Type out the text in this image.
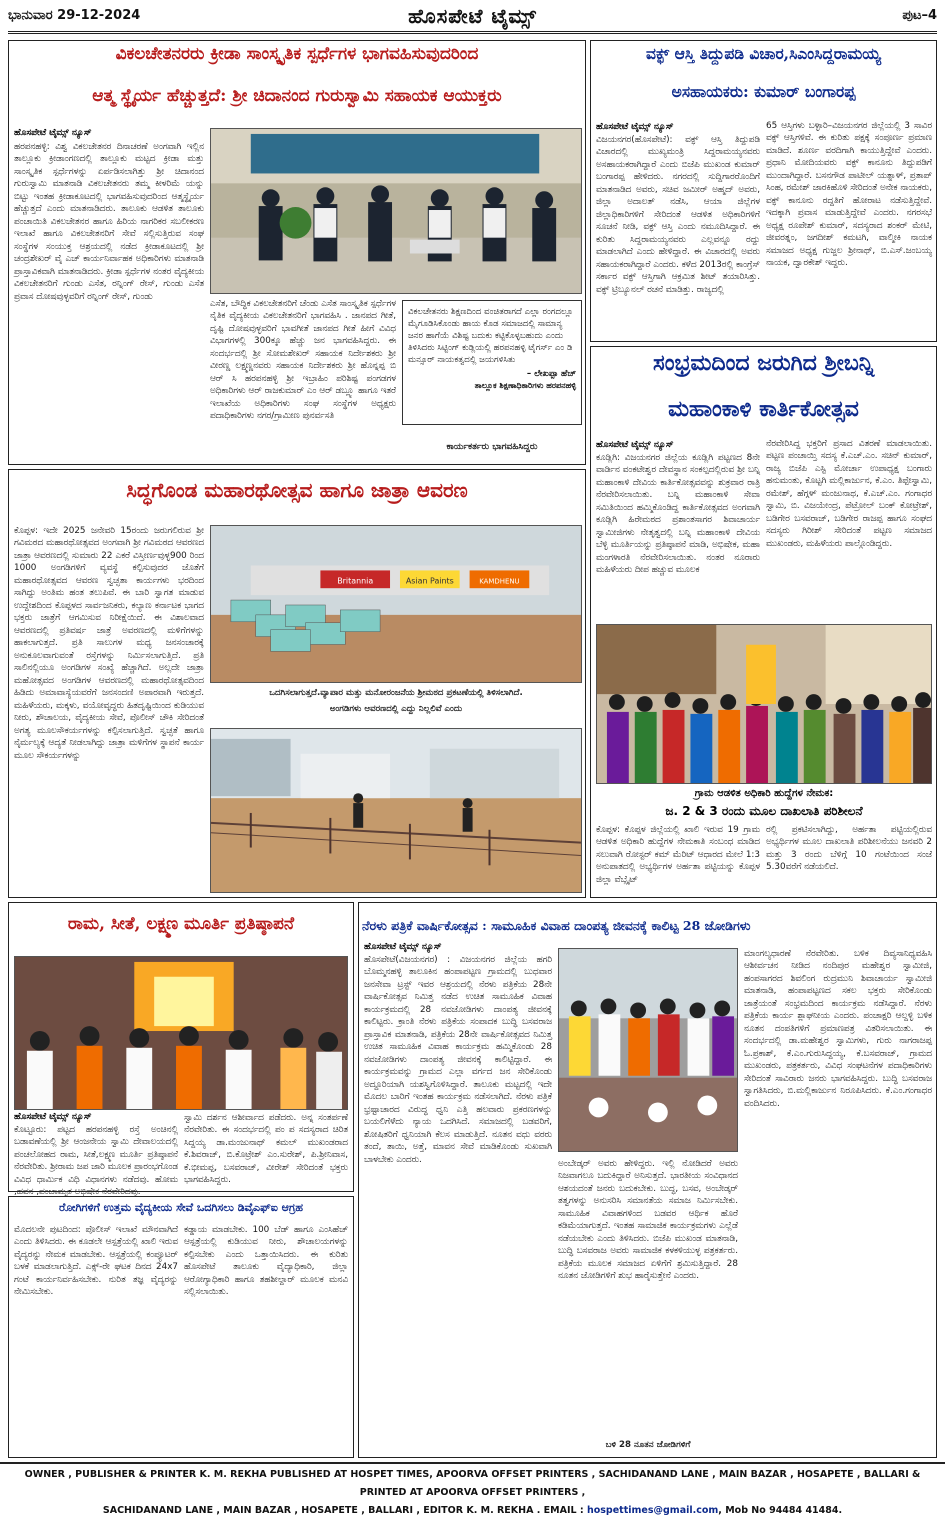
ಭಾನುವಾರ 29-12-2024	ಹೊಸಪೇಟೆ ಟೈಮ್ಸ್	ಪುಟ–4
ವಿಕಲಚೇತನರರು ಕ್ರೀಡಾ ಸಾಂಸ್ಕೃತಿಕ ಸ್ಪರ್ಧೆಗಳ ಭಾಗವಹಿಸುವುದರಿಂದ
ಆತ್ಮ ಸ್ಥೈರ್ಯ ಹೆಚ್ಚುತ್ತದೆ: ಶ್ರೀ ಚಿದಾನಂದ ಗುರುಸ್ವಾಮಿ ಸಹಾಯಕ ಆಯುಕ್ತರು
ಹೊಸಪೇಟೆ ಟೈಮ್ಸ್ ನ್ಯೂಸ್
ಹರಪನಹಳ್ಳಿ: ವಿಶ್ವ ವಿಕಲಚೇತನರ ದಿನಾಚರಣೆ ಅಂಗವಾಗಿ ಇಲ್ಲಿನ ತಾಲ್ಲೂಕು ಕ್ರೀಡಾಂಗಣದಲ್ಲಿ ತಾಲ್ಲೂಕು ಮಟ್ಟದ ಕ್ರೀಡಾ ಮತ್ತು ಸಾಂಸ್ಕೃತಿಕ ಸ್ಪರ್ಧೆಗಳನ್ನು ಏರ್ಪಡಿಸಲಾಗಿತ್ತು ಶ್ರೀ ಚಿದಾನಂದ ಗುರುಸ್ವಾಮಿ ಮಾತನಾಡಿ ವಿಕಲಚೇತನರು ತಮ್ಮ ಕೀಳರಿಮೆ ಯನ್ನು ಬಿಟ್ಟು ಇಂತಹ ಕ್ರೀಡಾಕೂಟದಲ್ಲಿ ಭಾಗವಹಿಸುವುದರಿಂದ ಆತ್ಮಸ್ಥೈರ್ಯ ಹೆಚ್ಚುತ್ತದೆ ಎಂದು ಮಾತನಾಡಿದರು. ತಾಲೂಕು ಆಡಳಿತ ತಾಲೂಕು ಪಂಚಾಯಿತಿ ವಿಕಲಚೇತನರ ಹಾಗೂ ಹಿರಿಯ ನಾಗರಿಕರ ಸಬಲೀಕರಣ ಇಲಾಖೆ ಹಾಗೂ ವಿಕಲಚೇತನರಿಗೆ ಸೇವೆ ಸಲ್ಲಿಸುತ್ತಿರುವ ಸಂಘ ಸಂಸ್ಥೆಗಳ ಸಂಯುಕ್ತ ಆಶ್ರಯದಲ್ಲಿ ನಡೆದ ಕ್ರೀಡಾಕೂಟದಲ್ಲಿ ಶ್ರೀ ಚಂದ್ರಶೇಖರ್ ವೈ ಎಚ್ ಕಾರ್ಯನಿರ್ವಾಹಕ ಅಧಿಕಾರಿಗಳು ಮಾತನಾಡಿ ಪ್ರಾಸ್ತಾವಿಕವಾಗಿ ಮಾತನಾಡಿದರು. ಕ್ರೀಡಾ ಸ್ಪರ್ಧೆಗಳ ನಂತರ ವೈದ್ಯಕೀಯ ವಿಕಲಚೇತನರಿಗೆ ಗುಂಡು ಎಸೆತ, ರನ್ನಿಂಗ್ ರೇಸ್, ಗುಂಡು ಎಸೆತ ಪ್ರವಾಸ ದೋಷವುಳ್ಳವರಿಗೆ ರನ್ನಿಂಗ್ ರೇಸ್, ಗುಂಡು
ಎಸೆತ, ಬೌದ್ಧಿಕ ವಿಕಲಚೇತನರಿಗೆ ಚೆಂಡು ಎಸೆತ ಸಾಂಸ್ಕೃತಿಕ ಸ್ಪರ್ಧೆಗಳ ನೈತಿಕ ವೈದ್ಯಕೀಯ ವಿಕಲಚೇತನರಿಗೆ ಭಾಗವಹಿಸಿ . ಜಾನಪದ ಗೀತೆ, ದೃಷ್ಟಿ ದೋಷವುಳ್ಳವರಿಗೆ ಭಾವಗೀತೆ ಜಾನಪದ ಗೀತೆ ಹೀಗೆ ವಿವಿಧ ವಿಭಾಗಗಳಲ್ಲಿ 300ಕ್ಕೂ ಹೆಚ್ಚು ಜನ ಭಾಗವಹಿಸಿದ್ದರು. ಈ ಸಂದರ್ಭದಲ್ಲಿ ಶ್ರೀ ಸೋಮಶೇಖರ್ ಸಹಾಯಕ ನಿರ್ದೇಶಕರು ಶ್ರೀ ವೀರಣ್ಣ ಲಕ್ಷ್ಮಣ್ಣನವರು ಸಹಾಯಕ ನಿರ್ದೇಶಕರು ಶ್ರೀ ಹೊನ್ನಪ್ಪ ಬಿ ಆರ್ ಸಿ ಹರಪನಹಳ್ಳಿ ಶ್ರೀ ಇಬ್ರಾಹಿಂ ಪರಿಶಿಷ್ಟ ಪಂಗಡಗಳ ಅಧಿಕಾರಿಗಳು ಆರ್ ರಾಜಕುಮಾರ್ ಎಂ ಆರ್ ಡಬ್ಲ್ಯೂ ಹಾಗೂ ಇತರೆ ಇಲಾಖೆಯ ಅಧಿಕಾರಿಗಳು ಸಂಘ ಸಂಸ್ಥೆಗಳ ಅಧ್ಯಕ್ಷರು ಪದಾಧಿಕಾರಿಗಳು ನಗರ/ಗ್ರಾಮೀಣ ಪುನರ್ವಸತಿ
ವಿಕಲಚೇತನರು ಶಿಕ್ಷಣದಿಂದ ವಂಚಿತರಾಗದೆ ಎಲ್ಲಾ ರಂಗದಲ್ಲೂ ಮೈಗೂಡಿಸಿಕೊಂಡು ಹಾಯ ಕೊಡ ಸಮಾಜದಲ್ಲಿ ಸಾಮಾನ್ಯ ಜನರ ಹಾಗೆಯೆ ವಿಶಿಷ್ಟ ಬದುಕು ಕಟ್ಟಿಕೊಳ್ಳಬಹುದು ಎಂದು ತಿಳಿಸಿದರು ಸಿಟ್ಟಿಂಗ್ ಕುಡ್ಲಿಯಲ್ಲಿ ಹರಪನಹಳ್ಳಿ ಟೈಗರ್ಸ್ ಎಂ ಡಿ ಮನ್ಸೂರ್ ನಾಯಕತ್ವದಲ್ಲಿ ಜಯಗಳಿಸಿತು
– ಲೇಖಪ್ಪಾ ಹೆಚ್
ತಾಲ್ಲೂಕ ಶಿಕ್ಷಣಾಧಿಕಾರಿಗಳು ಹರಪನಹಳ್ಳಿ
ಕಾರ್ಯಕರ್ತರು ಭಾಗವಹಿಸಿದ್ದರು
ವಕ್ಫ್ ಆಸ್ತಿ ತಿದ್ದುಪಡಿ ವಿಚಾರ,ಸಿಎಂಸಿದ್ದರಾಮಯ್ಯ
ಅಸಹಾಯಕರು: ಕುಮಾರ್ ಬಂಗಾರಪ್ಪ
ಹೊಸಪೇಟೆ ಟೈಮ್ಸ್ ನ್ಯೂಸ್
ವಿಜಯನಗರ(ಹೊಸಪೇಟೆ): ವಕ್ಫ್ ಆಸ್ತಿ ತಿದ್ದುಪಡಿ ವಿಚಾರದಲ್ಲಿ ಮುಖ್ಯಮಂತ್ರಿ ಸಿದ್ದರಾಮಯ್ಯನವರು ಅಸಹಾಯಕರಾಗಿದ್ದಾರೆ ಎಂದು ಬಿಜೆಪಿ ಮುಖಂಡ ಕುಮಾರ್ ಬಂಗಾರಪ್ಪ ಹೇಳಿದರು. ನಗರದಲ್ಲಿ ಸುದ್ದಿಗಾರರೊಂದಿಗೆ ಮಾತನಾಡಿದ ಅವರು, ಸಚಿವ ಜಮೀರ್ ಅಹ್ಮದ್ ಅವರು, ಜಿಲ್ಲಾ ಅದಾಲತ್ ನಡೆಸಿ, ಆಯಾ ಜಿಲ್ಲೆಗಳ ಜಿಲ್ಲಾಧಿಕಾರಿಗಳಿಗೆ ಸೇರಿದಂತೆ ಆಡಳಿತ ಅಧಿಕಾರಿಗಳಿಗೆ ಸೂಚನೆ ನೀಡಿ, ವಕ್ಫ್ ಆಸ್ತಿ ಎಂದು ನಮೂದಿಸಿದ್ದಾರೆ. ಈ ಕುರಿತು ಸಿದ್ದರಾಮಯ್ಯನವರು ಎಲ್ಲವನ್ನೂ ರದ್ದು ಮಾಡಲಾಗಿದೆ ಎಂದು ಹೇಳಿದ್ದಾರೆ. ಈ ವಿಚಾರದಲ್ಲಿ ಅವರು ಸಹಾಯಕರಾಗಿದ್ದಾರೆ ಎಂದರು. ಕಳೆದ 2013ರಲ್ಲಿ ಕಾಂಗ್ರೆಸ್ ಸರ್ಕಾರ ವಕ್ಫ್ ಆಸ್ತಿಗಾಗಿ ಆಕ್ರಮಿತ ಶೀಟ್ ತಯಾರಿಸಿತ್ತು. ವಕ್ಫ್ ಟ್ರಿಬ್ಯೂನಲ್ ರಚನೆ ಮಾಡಿತ್ತು. ರಾಜ್ಯದಲ್ಲಿ
65 ಆಸ್ತಿಗಳು ಬಳ್ಳಾರಿ–ವಿಜಯನಗರ ಜಿಲ್ಲೆಯಲ್ಲಿ 3 ಸಾವಿರ ವಕ್ಫ್ ಆಸ್ತಿಗಳಿವೆ. ಈ ಕುರಿತು ಪಕ್ಷಕ್ಕೆ ಸಂಪೂರ್ಣ ಪ್ರಮಾಣ ಮಾಡಿದೆ. ಶೂರ್ಣ ವರದಿಗಾಗಿ ಕಾಯುತ್ತಿದ್ದೇವೆ ಎಂದರು. ಪ್ರಧಾನಿ ಮೋದಿಯವರು ವಕ್ಫ್ ಕಾನೂನು ತಿದ್ದುಪಡಿಗೆ ಮುಂದಾಗಿದ್ದಾರೆ. ಬಸನಗೌಡ ಪಾಟೀಲ್ ಯತ್ನಾಳ್, ಪ್ರತಾಪ್ ಸಿಂಹ, ರಮೇಶ್ ಜಾರಕಿಹೊಳಿ ಸೇರಿದಂತೆ ಅನೇಕ ನಾಯಕರು, ವಕ್ಫ್ ಕಾನೂನು ರದ್ದತಿಗೆ ಹೋರಾಟ ನಡೆಸುತ್ತಿದ್ದೇವೆ. ಇದಕ್ಕಾಗಿ ಪ್ರವಾಸ ಮಾಡುತ್ತಿದ್ದೇವೆ ಎಂದರು. ನಗರಸಭೆ ಅಧ್ಯಕ್ಷ ರೂಪೇಶ್ ಕುಮಾರ್, ಸದಸ್ಯರಾದ ಶಂಕರ್ ಮೇಟಿ, ಜೀವರತ್ನಂ, ಜಗದೀಶ್ ಕಮಟಗಿ, ವಾಲ್ಮೀಕಿ ನಾಯಕ ಸಮಾಜದ ಅಧ್ಯಕ್ಷ ಗುಜ್ಜಲ ಶ್ರೀನಾಥ್, ಬಿ.ಎಸ್.ಜಂಬಯ್ಯ ನಾಯಕ, ದ್ವಾರಕೇಶ್ ಇದ್ದರು.
ಸಂಭ್ರಮದಿಂದ ಜರುಗಿದ ಶ್ರೀಬನ್ನಿ
ಮಹಾಂಕಾಳಿ ಕಾರ್ತಿಕೋತ್ಸವ
ಹೊಸಪೇಟೆ ಟೈಮ್ಸ್ ನ್ಯೂಸ್
ಕೂಡ್ಲಿಗಿ: ವಿಜಯನಗರ ಜಿಲ್ಲೆಯ ಕೂಡ್ಲಿಗಿ ಪಟ್ಟಣದ 8ನೇ ವಾರ್ಡಿನ ವಂಕಟೇಶ್ವರ ದೇವಸ್ಥಾನ ಸಂಕಲ್ಪದಲ್ಲಿರುವ ಶ್ರೀ ಬನ್ನಿ ಮಹಾಂಕಾಳಿ ದೇವಿಯ ಕಾರ್ತಿಕೋತ್ಸವವನ್ನು ಶುಕ್ರವಾರ ರಾತ್ರಿ ನೆರವೇರಿಸಲಾಯಿತು. ಬನ್ನಿ ಮಹಾಂಕಾಳಿ ಸೇವಾ ಸಮಿತಿಯಿಂದ ಹಮ್ಮಿಕೊಂಡಿದ್ದ ಕಾರ್ತಿಕೋತ್ಸವದ ಅಂಗವಾಗಿ ಕೂಡ್ಲಿಗಿ ಹಿರೇಮಠದ ಪ್ರಶಾಂತಸಾಗರ ಶಿವಾಚಾರ್ಯ ಸ್ವಾಮೀಜಿಗಳು ನೇತೃತ್ವದಲ್ಲಿ ಬನ್ನಿ ಮಹಾಂಕಾಳಿ ದೇವಿಯ ಬೆಳ್ಳಿ ಮೂರ್ತಿಯನ್ನು ಪ್ರತಿಷ್ಠಾಪನೆ ಮಾಡಿ, ಅಭಿಷೇಕ, ಮಹಾ ಮಂಗಳಾರತಿ ನೆರವೇರಿಸಲಾಯಿತು. ನಂತರ ನೂರಾರು ಮಹಿಳೆಯರು ದೀಪ ಹಚ್ಚುವ ಮೂಲಕ
ನೆರವೇರಿಸಿದ್ದ ಭಕ್ತರಿಗೆ ಪ್ರಸಾದ ವಿತರಣೆ ಮಾಡಲಾಯಿತು. ಪಟ್ಟಣ ಪಂಚಾಯ್ತಿ ಸದಸ್ಯ ಕೆ.ಎಚ್.ಎಂ. ಸಚಿನ್ ಕುಮಾರ್, ರಾಜ್ಯ ಬಿಜೆಪಿ ಎಸ್ಟಿ ಮೋರ್ಚಾ ಉಪಾಧ್ಯಕ್ಷ ಬಂಗಾರು ಹನುಮಂತು, ಕೊಟ್ಟಗಿ ಮಲ್ಲಿಕಾರ್ಜುನ, ಕೆ.ಎಂ. ತಿಪ್ಪೇಸ್ವಾಮಿ, ರಮೇಶ್, ಹೆಗ್ಗಳ್ ಮಂಜುನಾಥ, ಕೆ.ಎಚ್.ಎಂ. ಗಂಗಾಧರ ಸ್ವಾಮಿ, ಬಿ. ವಿಜಯೇಂದ್ರ, ಪೆಟ್ರೋಲ್ ಬಂಕ್ ಕೋಟ್ರೇಶ್, ಬಡಿಗೇರ ಬಸವರಾಜ್, ಬಡಿಗೇರ ರಾಜಪ್ಪ ಹಾಗೂ ಸಂಘದ ಸದಸ್ಯರು ಗಿರೀಶ್ ಸೇರಿದಂತೆ ಪಟ್ಟಣ ಸಮಾಜದ ಮುಖಂಡರು, ಮಹಿಳೆಯರು ಪಾಲ್ಗೊಂಡಿದ್ದರು.
ಗ್ರಾಮ ಆಡಳಿತ ಅಧಿಕಾರಿ ಹುದ್ದೆಗಳ ನೇಮಕ:
ಜ. 2 & 3 ರಂದು ಮೂಲ ದಾಖಲಾತಿ ಪರಿಶೀಲನೆ
ಕೊಪ್ಪಳ: ಕೊಪ್ಪಳ ಜಿಲ್ಲೆಯಲ್ಲಿ ಖಾಲಿ ಇರುವ 19 ಗ್ರಾಮ ಆಡಳಿತ ಅಧಿಕಾರಿ ಹುದ್ದೆಗಳ ನೇಮಕಾತಿ ಸಂಬಂಧ ಮಾಡಿದ ಸಲುವಾಗಿ ರೋಸ್ಟರ್ ಕಮ್ ಮೆರಿಟ್ ಆಧಾರದ ಮೇಲೆ 1:3 ಅನುಪಾತದಲ್ಲಿ ಅಭ್ಯರ್ಥಿಗಳ ಅರ್ಹತಾ ಪಟ್ಟಿಯನ್ನು ಕೊಪ್ಪಳ ಜಿಲ್ಲಾ ವೆಬ್ಸೈಟ್
ರಲ್ಲಿ ಪ್ರಕಟಿಸಲಾಗಿದ್ದು, ಅರ್ಹತಾ ಪಟ್ಟಿಯಲ್ಲಿರುವ ಅಭ್ಯರ್ಥಿಗಳ ಮೂಲ ದಾಖಲಾತಿ ಪರಿಶೀಲನೆಯು ಜನವರಿ 2 ಮತ್ತು 3 ರಂದು ಬೆಳಿಗ್ಗೆ 10 ಗಂಟೆಯಿಂದ ಸಂಜೆ 5.30ವರೆಗೆ ನಡೆಯಲಿದೆ.
ಸಿದ್ಧಗೊಂಡ ಮಹಾರಥೋತ್ಸವ ಹಾಗೂ ಜಾತ್ರಾ ಆವರಣ
ಕೊಪ್ಪಳ: ಇದೇ 2025 ಜನೇವರಿ 15ರಂದು ಜರುಗಲಿರುವ ಶ್ರೀ ಗವಿಮಠದ ಮಹಾರಥೋತ್ಸವದ ಅಂಗವಾಗಿ ಶ್ರೀ ಗವಿಮಠದ ಆವರಣದ ಜಾತ್ರಾ ಆವರಣದಲ್ಲಿ ಸುಮಾರು 22 ಎಕರೆ ವಿಸ್ತೀರ್ಣವುಳ್ಳ900 ರಿಂದ 1000 ಅಂಗಡಿಗಳಿಗೆ ವ್ಯವಸ್ಥೆ ಕಲ್ಪಿಸುವುದರ ಜೊತೆಗೆ ಮಹಾರಥೋತ್ಸವದ ಆವರಣ ಸ್ವಚ್ಛತಾ ಕಾರ್ಯಗಳು ಭರದಿಂದ ಸಾಗಿದ್ದು ಅಂತಿಮ ಹಂತ ತಲುಪಿವೆ. ಈ ಬಾರಿ ಸ್ವಾಗತ ಮಾಡುವ ಉದ್ದೇಶದಿಂದ ಕೊಪ್ಪಳದ ಸಾರ್ವಜನಿಕರು, ಕಲ್ಯಾಣ ಕರ್ನಾಟಕ ಭಾಗದ ಭಕ್ತರು ಜಾತ್ರೆಗೆ ಆಗಮಿಸುವ ನಿರೀಕ್ಷೆಯಿದೆ. ಈ ವಿಶಾಲವಾದ ಆವರಣದಲ್ಲಿ ಪ್ರತಿವರ್ಷ ಜಾತ್ರೆ ಅವರಣದಲ್ಲಿ ಮಳಿಗೆಗಳನ್ನು ಹಾಕಲಾಗುತ್ತದೆ. ಪ್ರತಿ ಸಾಲುಗಳ ಮಧ್ಯ ಜನಸಂಚಾರಕ್ಕೆ ಅನುಕೂಲವಾಗುವಂತೆ ರಸ್ತೆಗಳನ್ನು ನಿರ್ಮಿಸಲಾಗುತ್ತಿದೆ. ಪ್ರತಿ ಸಾಲಿನಲ್ಲಿಯೂ ಅಂಗಡಿಗಳ ಸಂಖ್ಯೆ ಹೆಚ್ಚಾಗಿದೆ. ಅಲ್ಲದೇ ಜಾತ್ರಾ ಮಹೋತ್ಸವದ ಅಂಗಡಿಗಳ ಆವರಣದಲ್ಲಿ ಮಹಾರಥೋತ್ಸವದಿಂದ ಹಿಡಿದು ಅಮಾವಾಸ್ಯೆಯವರೆಗೆ ಜನಸಂದಣಿ ಅಪಾರವಾಗಿ ಇರುತ್ತದೆ. ಮಹಿಳೆಯರು, ಮಕ್ಕಳು, ವಯೋವೃದ್ಧರು ಹಿತದೃಷ್ಟಿಯಿಂದ ಕುಡಿಯುವ ನೀರು, ಶೌಚಾಲಯ, ವೈದ್ಯಕೀಯ ಸೇವೆ, ಪೊಲೀಸ್ ಚೌಕಿ ಸೇರಿದಂತೆ ಅಗತ್ಯ ಮೂಲಸೌಕರ್ಯಗಳನ್ನು ಕಲ್ಪಿಸಲಾಗುತ್ತಿದೆ. ಸ್ವಚ್ಛತೆ ಹಾಗೂ ನೈರ್ಮಲ್ಯಕ್ಕೆ ಆದ್ಯತೆ ನೀಡಲಾಗಿದ್ದು ಜಾತ್ರಾ ಮಳಿಗೆಗಳ ಸ್ಥಾಪನೆ ಕಾರ್ಯ ಮೂಲ ಸೌಕರ್ಯಗಳನ್ನು
Britannia	Asian Paints	KAMDHENU
ಒದಗಿಸಲಾಗುತ್ತದೆ.ವ್ಯಾಪಾರ ಮತ್ತು ಮನೋರಂಜನೆಯ ಶ್ರೀಮಠದ ಪ್ರಕಟಣೆಯಲ್ಲಿ ತಿಳಿಸಲಾಗಿದೆ.
ಅಂಗಡಿಗಳು ಆವರಣದಲ್ಲಿ ಎದ್ದು ನಿಲ್ಲಲಿವೆ ಎಂದು
ರಾಮ, ಸೀತೆ, ಲಕ್ಷ್ಮಣ ಮೂರ್ತಿ ಪ್ರತಿಷ್ಠಾಪನೆ
ಹೊಸಪೇಟೆ ಟೈಮ್ಸ್ ನ್ಯೂಸ್
ಕೊಟ್ಟೂರು: ಪಟ್ಟದ ಹರಪನಹಳ್ಳಿ ರಸ್ತೆ ಅಂಚಿನಲ್ಲಿ ಬಡಾವಣೆಯಲ್ಲಿ ಶ್ರೀ ಆಂಜನೇಯ ಸ್ವಾಮಿ ದೇವಾಲಯದಲ್ಲಿ ಪಂಚಲೋಹದ ರಾಮ, ಸೀತೆ,ಲಕ್ಷ್ಮಣ ಮೂರ್ತಿ ಪ್ರತಿಷ್ಠಾಪನೆ ನೆರವೇರಿತು. ಶ್ರೀರಾಮ ಜಪ ಜಾರಿ ಮೂಲಕ ಪ್ರಾರಂಭಗೊಂಡ ವಿವಿಧ ಧಾರ್ಮಿಕ ವಿಧಿ ವಿಧಾನಗಳು ನಡೆದವು. ಹೋಮ ,ಹವನ ,ಪಂಚಾಮೃತ ಅಭಿಷೇಕ ನೆರವೇರಿದವು.
ಸ್ವಾಮಿ ದರ್ಶನ ಆಶೀರ್ವಾದ ಪಡೆದರು. ಅನ್ನ ಸಂತರ್ಪಣೆ ನೆರವೇರಿತು. ಈ ಸಂದರ್ಭದಲ್ಲಿ ಪಂ ಪ ಸದಸ್ಯರಾದ ಚಿರಿತ ಸಿದ್ದಯ್ಯ ಡಾ.ಮಂಜುನಾಥ್ ಕಮಲ್ ಮುಖಂಡರಾದ ಕೆ.ಶಿವರಾಜ್, ಬಿ.ಕೊಟ್ರೇಶ್ ಎಂ.ಸುರೇಶ್, ಪಿ.ಶ್ರೀನಿವಾಸ, ಕೆ.ಭೀಮಪ್ಪ, ಬಸವರಾಜ್, ವೀರೇಶ್ ಸೇರಿದಂತೆ ಭಕ್ತರು ಭಾಗವಹಿಸಿದ್ದರು.
ರೋಗಿಗಳಿಗೆ ಉತ್ತಮ ವೈದ್ಯಕೀಯ ಸೇವೆ ಒದಗಿಸಲು ಡಿವೈಎಫ್ಐ ಆಗ್ರಹ
ಮೊದಲನೇ ಪುಟದಿಂದ: ಪೊಲೀಸ್ ಇಲಾಖೆ ಮೌನವಾಗಿದೆ ಎಂದು ತಿಳಿಸಿದರು. ಈ ಕೂಡಲೇ ಆಸ್ಪತ್ರೆಯಲ್ಲಿ ಖಾಲಿ ಇರುವ ವೈದ್ಯರನ್ನು ನೇಮಕ ಮಾಡಬೇಕು. ಆಸ್ಪತ್ರೆಯಲ್ಲಿ ಕಂಪ್ಯೂಟರ್ ಬಳಕೆ ಮಾಡಲಾಗುತ್ತಿದೆ. ಎಕ್ಸ್-ರೇ ಘಟಕ ದಿನದ 24x7 ಗಂಟೆ ಕಾರ್ಯನಿರ್ವಹಿಸಬೇಕು. ನುರಿತ ತಜ್ಞ ವೈದ್ಯರನ್ನು ನೇಮಿಸಬೇಕು.
ಕಡ್ಡಾಯ ಮಾಡಬೇಕು. 100 ಬೆಡ್ ಹಾಗೂ ಎಂಸಿಹೆಚ್ ಆಸ್ಪತ್ರೆಯಲ್ಲಿ ಕುಡಿಯುವ ನೀರು, ಶೌಚಾಲಯಗಳನ್ನು ಕಲ್ಪಿಸಬೇಕು ಎಂದು ಒತ್ತಾಯಿಸಿದರು. ಈ ಕುರಿತು ಹೊಸಪೇಟೆ ತಾಲೂಕು ವೈದ್ಯಾಧಿಕಾರಿ, ಜಿಲ್ಲಾ ಆರೋಗ್ಯಾಧಿಕಾರಿ ಹಾಗೂ ತಹಶೀಲ್ದಾರ್ ಮೂಲಕ ಮನವಿ ಸಲ್ಲಿಸಲಾಯಿತು.
ನೆರಳು ಪತ್ರಿಕೆ ವಾರ್ಷಿಕೋತ್ಸವ : ಸಾಮೂಹಿಕ ವಿವಾಹ ದಾಂಪತ್ಯ ಜೀವನಕ್ಕೆ ಕಾಲಿಟ್ಟ 28 ಜೋಡಿಗಳು
ಹೊಸಪೇಟೆ ಟೈಮ್ಸ್ ನ್ಯೂಸ್
ಹೊಸಪೇಟೆ(ವಿಜಯನಗರ) : ವಿಜಯನಗರ ಜಿಲ್ಲೆಯ ಹಗರಿ ಬೊಮ್ಮನಹಳ್ಳಿ ತಾಲೂಕಿನ ಹಂಪಾಪಟ್ಟಣ ಗ್ರಾಮದಲ್ಲಿ ಬುಧವಾರ ಜನಸೇವಾ ಟ್ರಸ್ಟ್ ಇವರ ಆಶ್ರಯದಲ್ಲಿ ನೆರಳು ಪತ್ರಿಕೆಯ 28ನೇ ವಾರ್ಷಿಕೋತ್ಸವ ನಿಮಿತ್ತ ನಡೆದ ಉಚಿತ ಸಾಮೂಹಿಕ ವಿವಾಹ ಕಾರ್ಯಕ್ರಮದಲ್ಲಿ 28 ನವಜೋಡಿಗಳು ದಾಂಪತ್ಯ ಜೀವನಕ್ಕೆ ಕಾಲಿಟ್ಟರು. ಕ್ರಾಂತಿ ನೆರಳು ಪತ್ರಿಕೆಯ ಸಂಪಾದಕ ಬುದ್ಧಿ ಬಸವರಾಜ ಪ್ರಾಸ್ತಾವಿಕ ಮಾತನಾಡಿ, ಪತ್ರಿಕೆಯ 28ನೇ ವಾರ್ಷಿಕೋತ್ಸವದ ನಿಮಿತ್ತ ಉಚಿತ ಸಾಮೂಹಿಕ ವಿವಾಹ ಕಾರ್ಯಕ್ರಮ ಹಮ್ಮಿಕೊಂಡು 28 ನವಜೋಡಿಗಳು ದಾಂಪತ್ಯ ಜೀವನಕ್ಕೆ ಕಾಲಿಟ್ಟಿದ್ದಾರೆ. ಈ ಕಾರ್ಯಕ್ರಮವನ್ನು ಗ್ರಾಮದ ಎಲ್ಲಾ ವರ್ಗದ ಜನ ಸೇರಿಕೊಂಡು ಅದ್ದೂರಿಯಾಗಿ ಯಶಸ್ವಿಗೊಳಿಸಿದ್ದಾರೆ. ತಾಲೂಕು ಮಟ್ಟದಲ್ಲಿ ಇದೇ ಮೊದಲ ಬಾರಿಗೆ ಇಂತಹ ಕಾರ್ಯಕ್ರಮ ನಡೆಸಲಾಗಿದೆ. ನೆರಳು ಪತ್ರಿಕೆ ಭ್ರಷ್ಟಾಚಾರದ ವಿರುದ್ಧ ಧ್ವನಿ ಎತ್ತಿ ಹಲವಾರು ಪ್ರಕರಣಗಳನ್ನು ಬಯಲಿಗೆಳೆದು ನ್ಯಾಯ ಒದಗಿಸಿದೆ. ಸಮಾಜದಲ್ಲಿ ಬಡವರಿಗೆ, ಶೋಷಿತರಿಗೆ ಧ್ವನಿಯಾಗಿ ಕೆಲಸ ಮಾಡುತ್ತಿದೆ. ನೂತನ ವಧು ವರರು ತಂದೆ, ತಾಯಿ, ಅತ್ತೆ, ಮಾವನ ಸೇವೆ ಮಾಡಿಕೊಂಡು ಸುಖವಾಗಿ ಬಾಳಬೇಕು ಎಂದರು.	ಅಂಬೇಡ್ಕರ್ ಅವರು ಹೇಳಿದ್ದರು. ಇಲ್ಲಿ ನೋಡಿದರೆ ಅವರು ನಿಜವಾಗಲೂ ಬದುಕಿದ್ದಾರೆ ಅನಿಸುತ್ತದೆ. ಭಾರತೀಯ ಸಂವಿಧಾನದ ಆಶಯದಂತೆ ಜನರು ಬದುಕಬೇಕು. ಬುದ್ಧ, ಬಸವ, ಅಂಬೇಡ್ಕರ್ ತತ್ವಗಳನ್ನು ಅನುಸರಿಸಿ ಸಮಾನತೆಯ ಸಮಾಜ ನಿರ್ಮಿಸಬೇಕು. ಸಾಮೂಹಿಕ ವಿವಾಹಗಳಿಂದ ಬಡವರ ಆರ್ಥಿಕ ಹೊರೆ ಕಡಿಮೆಯಾಗುತ್ತದೆ. ಇಂತಹ ಸಾಮಾಜಿಕ ಕಾರ್ಯಕ್ರಮಗಳು ಎಲ್ಲೆಡೆ ನಡೆಯಬೇಕು ಎಂದು ತಿಳಿಸಿದರು. ಬಿಜೆಪಿ ಮುಖಂಡ ಮಾತನಾಡಿ, ಬುದ್ಧಿ ಬಸವರಾಜ ಅವರು ಸಾಮಾಜಿಕ ಕಳಕಳಿಯುಳ್ಳ ಪತ್ರಕರ್ತರು. ಪತ್ರಿಕೆಯ ಮೂಲಕ ಸಮಾಜದ ಏಳಿಗೆಗೆ ಶ್ರಮಿಸುತ್ತಿದ್ದಾರೆ. 28 ನೂತನ ಜೋಡಿಗಳಿಗೆ ಶುಭ ಹಾರೈಸುತ್ತೇನೆ ಎಂದರು.
ಬಳಿ 28 ನೂತನ ಜೋಡಿಗಳಿಗೆ
ಮಾಂಗಲ್ಯಧಾರಣೆ ನೆರವೇರಿತು. ಬಳಿಕ ದಿವ್ಯಸಾನಿಧ್ಯವಹಿಸಿ ಆಶೀರ್ವಚನ ನೀಡಿದ ನಂದಿಪುರ ಮಹೇಶ್ವರ ಸ್ವಾಮೀಜಿ, ಹಂಪಸಾಗರದ ಶಿವಲಿಂಗ ರುದ್ರಮುನಿ ಶಿವಾಚಾರ್ಯ ಸ್ವಾಮೀಜಿ ಮಾತನಾಡಿ, ಹಂಪಾಪಟ್ಟಣದ ಸಕಲ ಭಕ್ತರು ಸೇರಿಕೊಂಡು ಜಾತ್ರೆಯಂತೆ ಸಂಭ್ರಮದಿಂದ ಕಾರ್ಯಕ್ರಮ ನಡೆಸಿದ್ದಾರೆ. ನೆರಳು ಪತ್ರಿಕೆಯ ಕಾರ್ಯ ಶ್ಲಾಘನೀಯ ಎಂದರು. ಪಂಚಾಕ್ಷರಿ ಆಲ್ದಳ್ಳಿ ಬಳಿಕ ನೂತನ ದಂಪತಿಗಳಿಗೆ ಪ್ರಮಾಣಪತ್ರ ವಿತರಿಸಲಾಯಿತು. ಈ ಸಂದರ್ಭದಲ್ಲಿ ಡಾ.ಮಹೇಶ್ವರ ಸ್ವಾಮಿಗಳು, ಗುರು ನಾಗರಾಜಪ್ಪ ಓ.ಪ್ರಕಾಶ್, ಕೆ.ಎಂ.ಗುರುಸಿದ್ದಯ್ಯ, ಕೆ.ಬಸವರಾಜ್, ಗ್ರಾಮದ ಮುಖಂಡರು, ಪತ್ರಕರ್ತರು, ವಿವಿಧ ಸಂಘಟನೆಗಳ ಪದಾಧಿಕಾರಿಗಳು ಸೇರಿದಂತೆ ಸಾವಿರಾರು ಜನರು ಭಾಗವಹಿಸಿದ್ದರು. ಬುದ್ಧಿ ಬಸವರಾಜ ಸ್ವಾಗತಿಸಿದರು, ಬಿ.ಮಲ್ಲಿಕಾರ್ಜುನ ನಿರೂಪಿಸಿದರು. ಕೆ.ಎಂ.ಗಂಗಾಧರ ವಂದಿಸಿದರು.
OWNER , PUBLISHER & PRINTER K. M. REKHA PUBLISHED AT HOSPET TIMES, APOORVA OFFSET PRINTERS , SACHIDANAND LANE , MAIN BAZAR , HOSAPETE , BALLARI & PRINTED AT APOORVA OFFSET PRINTERS ,
SACHIDANAND LANE , MAIN BAZAR , HOSAPETE , BALLARI , EDITOR K. M. REKHA . EMAIL : hospettimes@gmail.com, Mob No 94484 41484.
